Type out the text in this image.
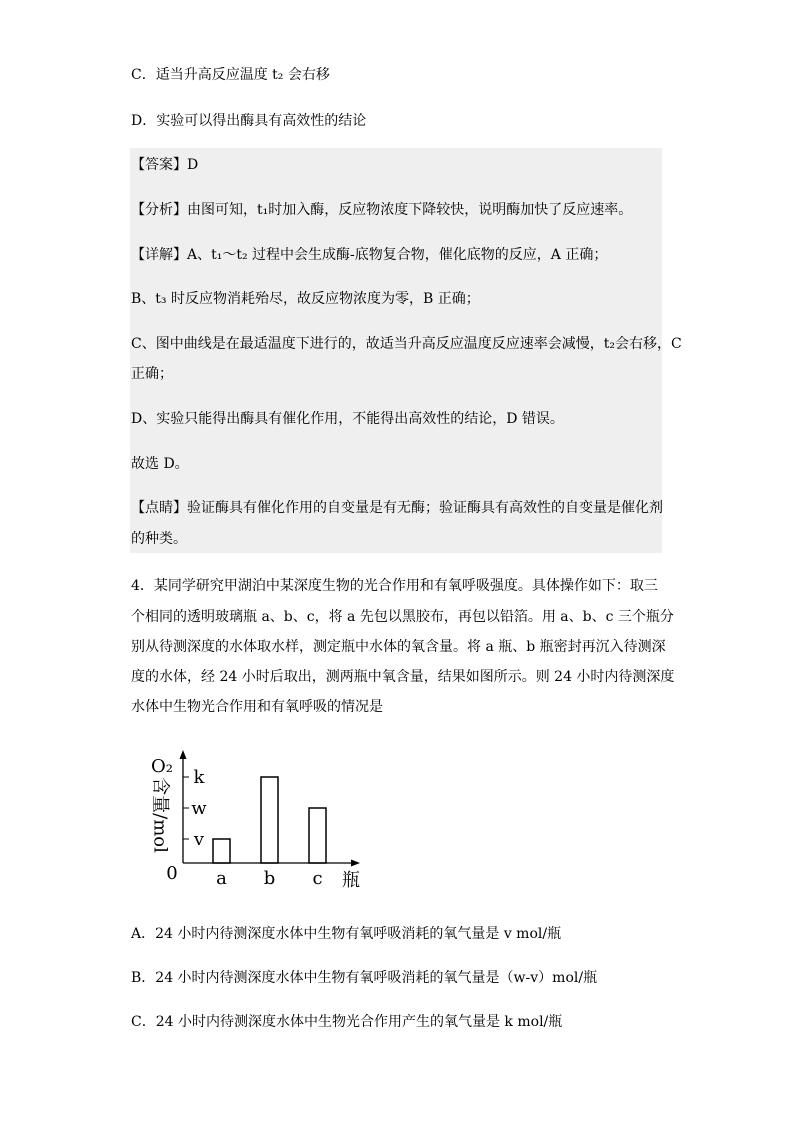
C．适当升高反应温度 t₂ 会右移
D．实验可以得出酶具有高效性的结论
【答案】D
【分析】由图可知，t₁时加入酶，反应物浓度下降较快，说明酶加快了反应速率。
【详解】A、t₁～t₂ 过程中会生成酶-底物复合物，催化底物的反应，A 正确；
B、t₃ 时反应物消耗殆尽，故反应物浓度为零，B 正确；
C、图中曲线是在最适温度下进行的，故适当升高反应温度反应速率会减慢，t₂会右移，C
正确；
D、实验只能得出酶具有催化作用，不能得出高效性的结论，D 错误。
故选 D。
【点睛】验证酶具有催化作用的自变量是有无酶；验证酶具有高效性的自变量是催化剂
的种类。
4．某同学研究甲湖泊中某深度生物的光合作用和有氧呼吸强度。具体操作如下：取三
个相同的透明玻璃瓶 a、b、c，将 a 先包以黑胶布，再包以铅箔。用 a、b、c 三个瓶分
别从待测深度的水体取水样，测定瓶中水体的氧含量。将 a 瓶、b 瓶密封再沉入待测深
度的水体，经 24 小时后取出，测两瓶中氧含量，结果如图所示。则 24 小时内待测深度
水体中生物光合作用和有氧呼吸的情况是
O₂
含量/mol
0
v
w
k
a b c 瓶
A．24 小时内待测深度水体中生物有氧呼吸消耗的氧气量是 v mol/瓶
B．24 小时内待测深度水体中生物有氧呼吸消耗的氧气量是（w-v）mol/瓶
C．24 小时内待测深度水体中生物光合作用产生的氧气量是 k mol/瓶
